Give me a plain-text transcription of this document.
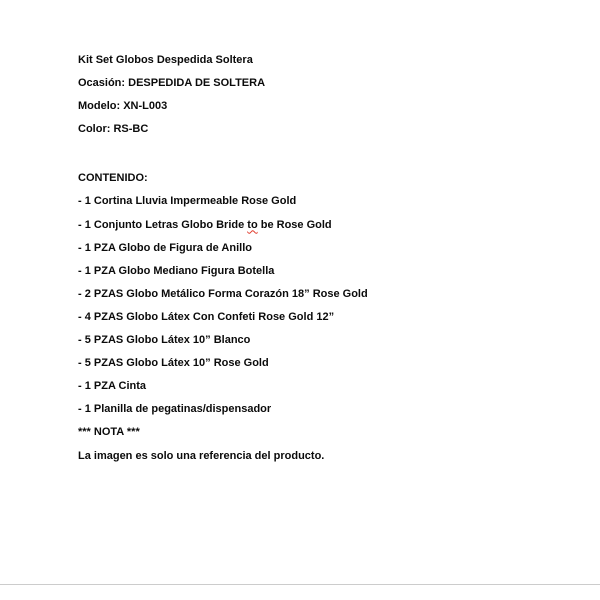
Kit Set Globos Despedida Soltera

Ocasión: DESPEDIDA DE SOLTERA

Modelo: XN-L003

Color: RS-BC

CONTENIDO:

- 1 Cortina Lluvia Impermeable Rose Gold

- 1 Conjunto Letras Globo Bride to be Rose Gold

- 1 PZA Globo de Figura de Anillo

- 1 PZA Globo Mediano Figura Botella

- 2 PZAS Globo Metálico Forma Corazón 18” Rose Gold

- 4 PZAS Globo Látex Con Confeti Rose Gold 12”

- 5 PZAS Globo Látex 10” Blanco

- 5 PZAS Globo Látex 10” Rose Gold

- 1 PZA Cinta

- 1 Planilla de pegatinas/dispensador

*** NOTA ***

La imagen es solo una referencia del producto.
